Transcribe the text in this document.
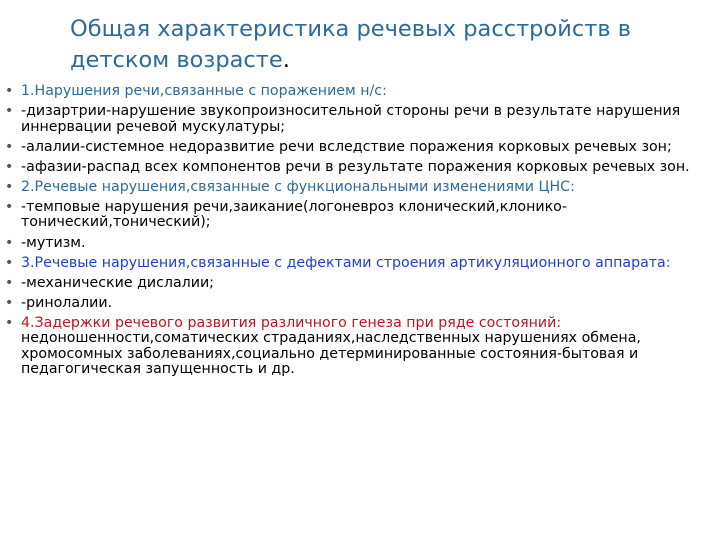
Общая характеристика речевых расстройств в детском возрасте.
• 1.Нарушения речи,связанные с поражением н/с:
• -дизартрии-нарушение звукопроизносительной стороны речи в результате нарушения иннервации речевой мускулатуры;
• -алалии-системное недоразвитие речи вследствие поражения корковых речевых зон;
• -афазии-распад всех компонентов речи в результате поражения корковых речевых зон.
• 2.Речевые нарушения,связанные с функциональными изменениями ЦНС:
• -темповые нарушения речи,заикание(логоневроз клонический,клонико-тонический,тонический);
• -мутизм.
• 3.Речевые нарушения,связанные с дефектами строения артикуляционного аппарата:
• -механические дислалии;
• -ринолалии.
• 4.Задержки речевого развития различного генеза при ряде состояний: недоношенности,соматических страданиях,наследственных нарушениях обмена, хромосомных заболеваниях,социально детерминированные состояния-бытовая и педагогическая запущенность и др.
